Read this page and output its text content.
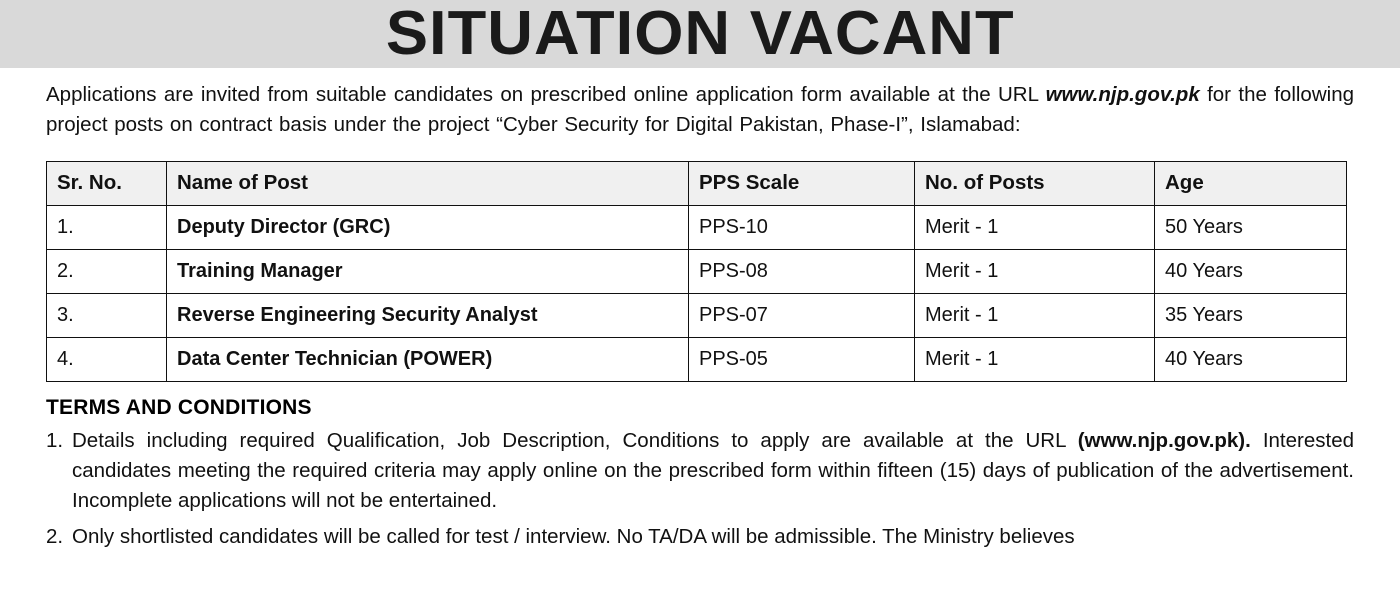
SITUATION VACANT

Applications are invited from suitable candidates on prescribed online application form available at the URL www.njp.gov.pk for the following project posts on contract basis under the project “Cyber Security for Digital Pakistan, Phase-I”, Islamabad:

Sr. No.	Name of Post	PPS Scale	No. of Posts	Age
1.	Deputy Director (GRC)	PPS-10	Merit - 1	50 Years
2.	Training Manager	PPS-08	Merit - 1	40 Years
3.	Reverse Engineering Security Analyst	PPS-07	Merit - 1	35 Years
4.	Data Center Technician (POWER)	PPS-05	Merit - 1	40 Years
TERMS AND CONDITIONS
1. Details including required Qualification, Job Description, Conditions to apply are available at the URL (www.njp.gov.pk). Interested candidates meeting the required criteria may apply online on the prescribed form within fifteen (15) days of publication of the advertisement. Incomplete applications will not be entertained.
2. Only shortlisted candidates will be called for test / interview. No TA/DA will be admissible. The Ministry believes
